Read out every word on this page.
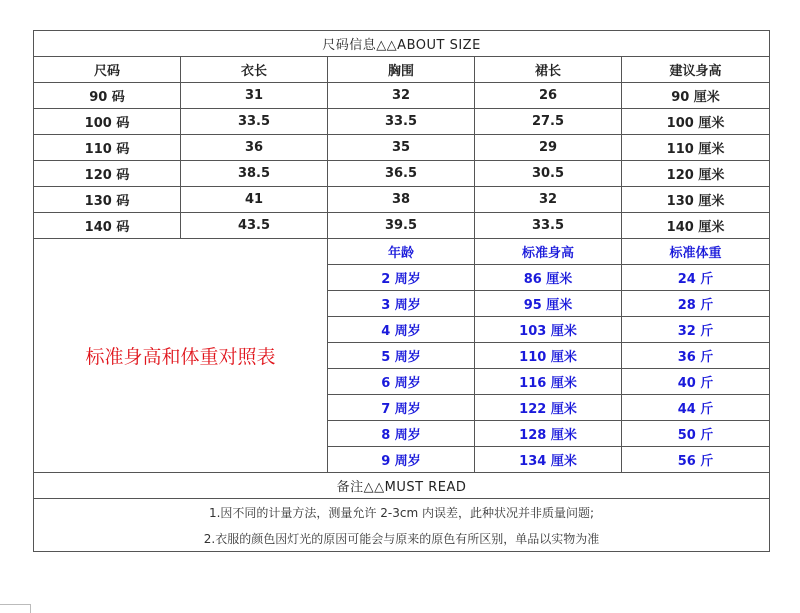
尺码信息△△ABOUT SIZE				
尺码	衣长	胸围	裙长	建议身高
90 码	31	32	26	90 厘米
100 码	33.5	33.5	27.5	100 厘米
110 码	36	35	29	110 厘米
120 码	38.5	36.5	30.5	120 厘米
130 码	41	38	32	130 厘米
140 码	43.5	39.5	33.5	140 厘米
标准身高和体重对照表		年龄	标准身高	标准体重
		2 周岁	86 厘米	24 斤
		3 周岁	95 厘米	28 斤
		4 周岁	103 厘米	32 斤
		5 周岁	110 厘米	36 斤
		6 周岁	116 厘米	40 斤
		7 周岁	122 厘米	44 斤
		8 周岁	128 厘米	50 斤
		9 周岁	134 厘米	56 斤
备注△△MUST READ				
1.因不同的计量方法，测量允许 2-3cm 内误差，此种状况并非质量问题;				
2.衣服的颜色因灯光的原因可能会与原来的原色有所区别，单品以实物为准				
